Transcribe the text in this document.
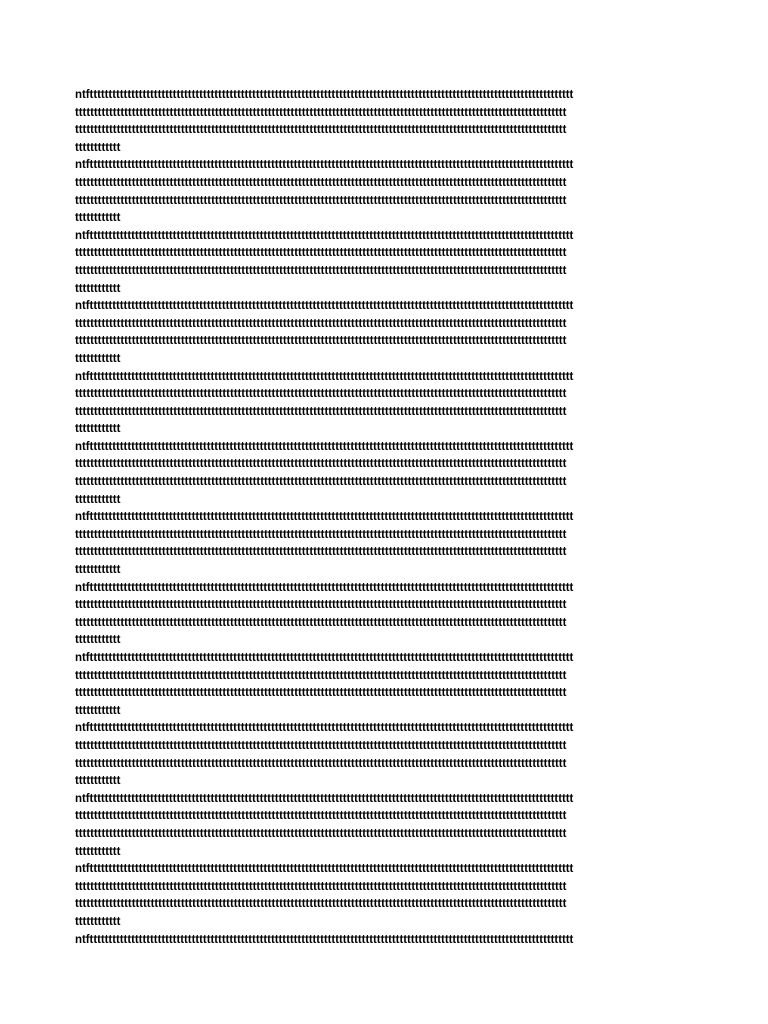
ntftttttttttttttttttttttttttttttttttttttttttttttttttttttttttttttttttttttttttttttttttttttttttttttttttttttttttttttttttttttttttttttttt
tttttttttttttttttttttttttttttttttttttttttttttttttttttttttttttttttttttttttttttttttttttttttttttttttttttttttttttttttttttttttttttttttt
tttttttttttttttttttttttttttttttttttttttttttttttttttttttttttttttttttttttttttttttttttttttttttttttttttttttttttttttttttttttttttttttttt
tttttttttttt
ntftttttttttttttttttttttttttttttttttttttttttttttttttttttttttttttttttttttttttttttttttttttttttttttttttttttttttttttttttttttttttttttttt
tttttttttttttttttttttttttttttttttttttttttttttttttttttttttttttttttttttttttttttttttttttttttttttttttttttttttttttttttttttttttttttttttt
tttttttttttttttttttttttttttttttttttttttttttttttttttttttttttttttttttttttttttttttttttttttttttttttttttttttttttttttttttttttttttttttttt
tttttttttttt
ntftttttttttttttttttttttttttttttttttttttttttttttttttttttttttttttttttttttttttttttttttttttttttttttttttttttttttttttttttttttttttttttttt
tttttttttttttttttttttttttttttttttttttttttttttttttttttttttttttttttttttttttttttttttttttttttttttttttttttttttttttttttttttttttttttttttt
tttttttttttttttttttttttttttttttttttttttttttttttttttttttttttttttttttttttttttttttttttttttttttttttttttttttttttttttttttttttttttttttttt
tttttttttttt
ntftttttttttttttttttttttttttttttttttttttttttttttttttttttttttttttttttttttttttttttttttttttttttttttttttttttttttttttttttttttttttttttttt
tttttttttttttttttttttttttttttttttttttttttttttttttttttttttttttttttttttttttttttttttttttttttttttttttttttttttttttttttttttttttttttttttt
tttttttttttttttttttttttttttttttttttttttttttttttttttttttttttttttttttttttttttttttttttttttttttttttttttttttttttttttttttttttttttttttttt
tttttttttttt
ntftttttttttttttttttttttttttttttttttttttttttttttttttttttttttttttttttttttttttttttttttttttttttttttttttttttttttttttttttttttttttttttttt
tttttttttttttttttttttttttttttttttttttttttttttttttttttttttttttttttttttttttttttttttttttttttttttttttttttttttttttttttttttttttttttttttt
tttttttttttttttttttttttttttttttttttttttttttttttttttttttttttttttttttttttttttttttttttttttttttttttttttttttttttttttttttttttttttttttttt
tttttttttttt
ntftttttttttttttttttttttttttttttttttttttttttttttttttttttttttttttttttttttttttttttttttttttttttttttttttttttttttttttttttttttttttttttttt
tttttttttttttttttttttttttttttttttttttttttttttttttttttttttttttttttttttttttttttttttttttttttttttttttttttttttttttttttttttttttttttttttt
tttttttttttttttttttttttttttttttttttttttttttttttttttttttttttttttttttttttttttttttttttttttttttttttttttttttttttttttttttttttttttttttttt
tttttttttttt
ntftttttttttttttttttttttttttttttttttttttttttttttttttttttttttttttttttttttttttttttttttttttttttttttttttttttttttttttttttttttttttttttttt
tttttttttttttttttttttttttttttttttttttttttttttttttttttttttttttttttttttttttttttttttttttttttttttttttttttttttttttttttttttttttttttttttt
tttttttttttttttttttttttttttttttttttttttttttttttttttttttttttttttttttttttttttttttttttttttttttttttttttttttttttttttttttttttttttttttttt
tttttttttttt
ntftttttttttttttttttttttttttttttttttttttttttttttttttttttttttttttttttttttttttttttttttttttttttttttttttttttttttttttttttttttttttttttttt
tttttttttttttttttttttttttttttttttttttttttttttttttttttttttttttttttttttttttttttttttttttttttttttttttttttttttttttttttttttttttttttttttt
tttttttttttttttttttttttttttttttttttttttttttttttttttttttttttttttttttttttttttttttttttttttttttttttttttttttttttttttttttttttttttttttttt
tttttttttttt
ntftttttttttttttttttttttttttttttttttttttttttttttttttttttttttttttttttttttttttttttttttttttttttttttttttttttttttttttttttttttttttttttttt
tttttttttttttttttttttttttttttttttttttttttttttttttttttttttttttttttttttttttttttttttttttttttttttttttttttttttttttttttttttttttttttttttt
tttttttttttttttttttttttttttttttttttttttttttttttttttttttttttttttttttttttttttttttttttttttttttttttttttttttttttttttttttttttttttttttttt
tttttttttttt
ntftttttttttttttttttttttttttttttttttttttttttttttttttttttttttttttttttttttttttttttttttttttttttttttttttttttttttttttttttttttttttttttttt
tttttttttttttttttttttttttttttttttttttttttttttttttttttttttttttttttttttttttttttttttttttttttttttttttttttttttttttttttttttttttttttttttt
tttttttttttttttttttttttttttttttttttttttttttttttttttttttttttttttttttttttttttttttttttttttttttttttttttttttttttttttttttttttttttttttttt
tttttttttttt
ntftttttttttttttttttttttttttttttttttttttttttttttttttttttttttttttttttttttttttttttttttttttttttttttttttttttttttttttttttttttttttttttttt
tttttttttttttttttttttttttttttttttttttttttttttttttttttttttttttttttttttttttttttttttttttttttttttttttttttttttttttttttttttttttttttttttt
tttttttttttttttttttttttttttttttttttttttttttttttttttttttttttttttttttttttttttttttttttttttttttttttttttttttttttttttttttttttttttttttttt
tttttttttttt
ntftttttttttttttttttttttttttttttttttttttttttttttttttttttttttttttttttttttttttttttttttttttttttttttttttttttttttttttttttttttttttttttttt
tttttttttttttttttttttttttttttttttttttttttttttttttttttttttttttttttttttttttttttttttttttttttttttttttttttttttttttttttttttttttttttttttt
tttttttttttttttttttttttttttttttttttttttttttttttttttttttttttttttttttttttttttttttttttttttttttttttttttttttttttttttttttttttttttttttttt
tttttttttttt
ntftttttttttttttttttttttttttttttttttttttttttttttttttttttttttttttttttttttttttttttttttttttttttttttttttttttttttttttttttttttttttttttttt
